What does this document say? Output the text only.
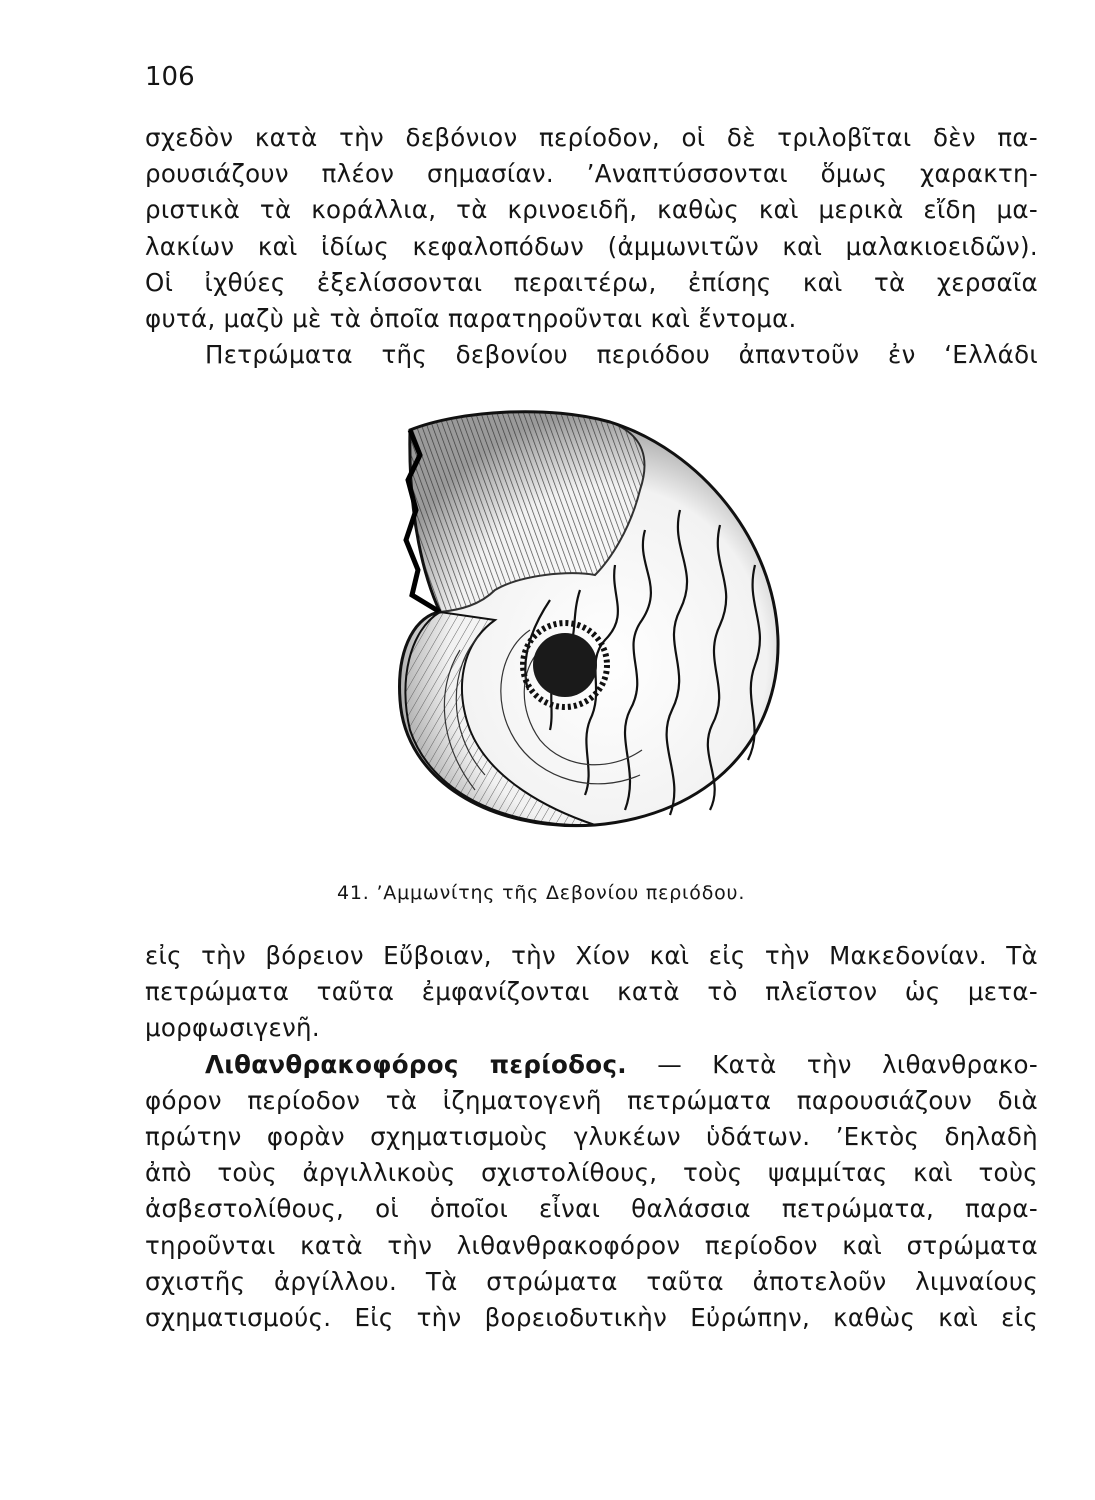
106
σχεδὸν κατὰ τὴν δεβόνιον περίοδον, οἱ δὲ τριλοβῖται δὲν πα-
ρουσιάζουν πλέον σημασίαν. ’Αναπτύσσονται ὅμως χαρακτη-
ριστικὰ τὰ κοράλλια, τὰ κρινοειδῆ, καθὼς καὶ μερικὰ εἴδη μα-
λακίων καὶ ἰδίως κεφαλοπόδων (ἀμμωνιτῶν καὶ μαλακιοειδῶν).
Οἱ ἰχθύες ἐξελίσσονται περαιτέρω, ἐπίσης καὶ τὰ χερσαῖα
φυτά, μαζὺ μὲ τὰ ὁποῖα παρατηροῦνται καὶ ἔντομα.
Πετρώματα τῆς δεβονίου περιόδου ἀπαντοῦν ἐν ‘Ελλάδι
41. ’Αμμωνίτης τῆς Δεβονίου περιόδου.
εἰς τὴν βόρειον Εὔβοιαν, τὴν Χίον καὶ εἰς τὴν Μακεδονίαν. Τὰ
πετρώματα ταῦτα ἐμφανίζονται κατὰ τὸ πλεῖστον ὡς μετα-
μορφωσιγενῆ.
Λιθανθρακοφόρος περίοδος. — Κατὰ τὴν λιθανθρακο-
φόρον περίοδον τὰ ἰζηματογενῆ πετρώματα παρουσιάζουν διὰ
πρώτην φορὰν σχηματισμοὺς γλυκέων ὑδάτων. ’Εκτὸς δηλαδὴ
ἀπὸ τοὺς ἀργιλλικοὺς σχιστολίθους, τοὺς ψαμμίτας καὶ τοὺς
ἀσβεστολίθους, οἱ ὁποῖοι εἶναι θαλάσσια πετρώματα, παρα-
τηροῦνται κατὰ τὴν λιθανθρακοφόρον περίοδον καὶ στρώματα
σχιστῆς ἀργίλλου. Τὰ στρώματα ταῦτα ἀποτελοῦν λιμναίους
σχηματισμούς. Εἰς τὴν βορειοδυτικὴν Εὐρώπην, καθὼς καὶ εἰς
